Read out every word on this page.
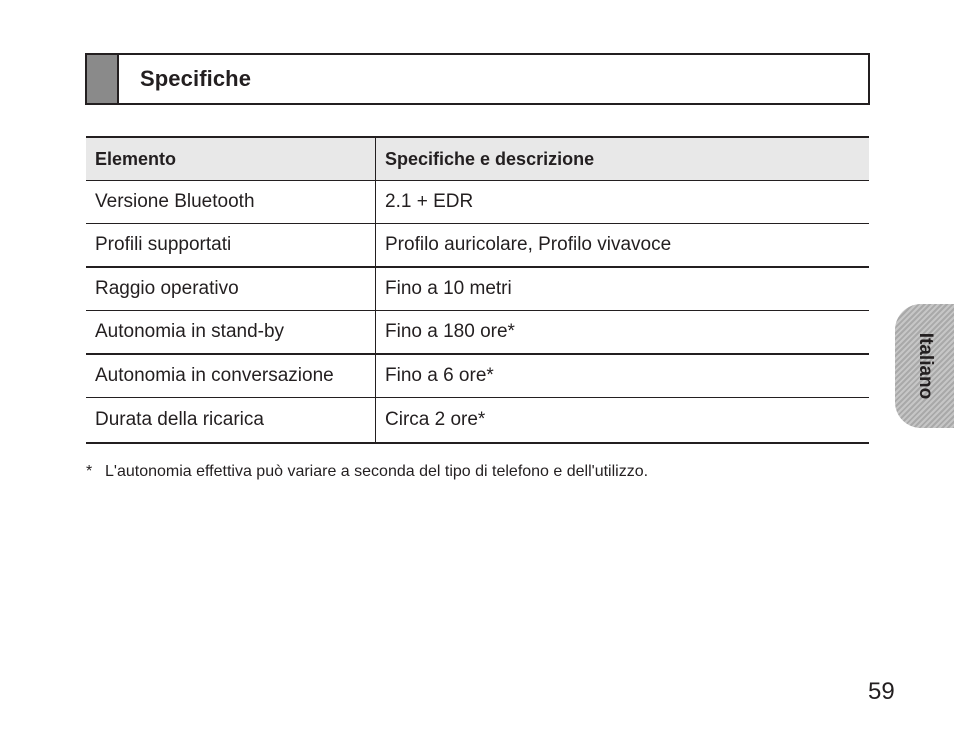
Specifiche
Elemento	Specifiche e descrizione
Versione Bluetooth	2.1 + EDR
Profili supportati	Profilo auricolare, Profilo vivavoce
Raggio operativo	Fino a 10 metri
Autonomia in stand-by	Fino a 180 ore*
Autonomia in conversazione	Fino a 6 ore*
Durata della ricarica	Circa 2 ore*
* L'autonomia effettiva può variare a seconda del tipo di telefono e dell'utilizzo.
Italiano
59
